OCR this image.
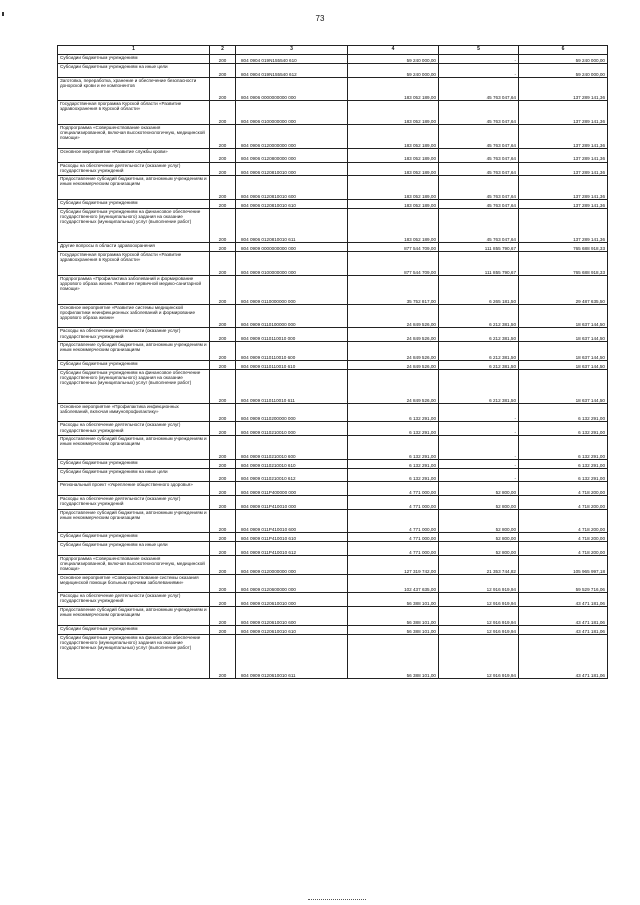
73
1	2	3	4	5	6
Субсидии бюджетным учреждениям	200	804 0904 019N155540 610	59 240 000,00	-	59 240 000,00
Субсидии бюджетным учреждениям на иные цели	200	804 0904 019N155540 612	59 240 000,00	-	59 240 000,00
Заготовка, переработка, хранение и обеспечение безопасности донорской крови и ее компонентов	200	804 0906 0000000000 000	183 052 189,00	45 763 047,64	137 289 141,36
Государственная программа Курской области «Развитие здравоохранения в Курской области»	200	804 0906 0100000000 000	183 052 189,00	45 763 047,64	137 289 141,36
Подпрограмма «Совершенствование оказания специализированной, включая высокотехнологичную, медицинской помощи»	200	804 0906 0120000000 000	183 052 189,00	45 763 047,64	137 289 141,36
Основное мероприятие «Развитие службы крови»	200	804 0906 0120800000 000	183 052 189,00	45 763 047,64	137 289 141,36
Расходы на обеспечение деятельности (оказание услуг) государственных учреждений	200	804 0906 0120810010 000	183 052 189,00	45 763 047,64	137 289 141,36
Предоставление субсидий бюджетным, автономным учреждениям и иным некоммерческим организациям	200	804 0906 0120810010 600	183 052 189,00	45 763 047,64	137 289 141,36
Субсидии бюджетным учреждениям	200	804 0906 0120810010 610	183 052 189,00	45 763 047,64	137 289 141,36
Субсидии бюджетным учреждениям на финансовое обеспечение государственного (муниципального) задания на оказание государственных (муниципальных) услуг (выполнение работ)	200	804 0906 0120810010 611	183 052 189,00	45 763 047,64	137 289 141,36
Другие вопросы в области здравоохранения	200	804 0909 0000000000 000	877 544 709,00	111 855 790,67	765 688 918,33
Государственная программа Курской области «Развитие здравоохранения в Курской области»	200	804 0909 0100000000 000	877 544 709,00	111 855 790,67	765 688 918,33
Подпрограмма «Профилактика заболеваний и формирование здорового образа жизни. Развитие первичной медико-санитарной помощи»	200	804 0909 0110000000 000	35 752 817,00	6 265 181,50	29 487 635,50
Основное мероприятие «Развитие системы медицинской профилактики неинфекционных заболеваний и формирование здорового образа жизни»	200	804 0909 0110100000 000	24 849 526,00	6 212 381,50	18 637 144,50
Расходы на обеспечение деятельности (оказание услуг) государственных учреждений	200	804 0909 0110110010 000	24 849 526,00	6 212 381,50	18 637 144,50
Предоставление субсидий бюджетным, автономным учреждениям и иным некоммерческим организациям	200	804 0909 0110110010 600	24 849 526,00	6 212 381,50	18 637 144,50
Субсидии бюджетным учреждениям	200	804 0909 0110110010 610	24 849 526,00	6 212 381,50	18 637 144,50
Субсидии бюджетным учреждениям на финансовое обеспечение государственного (муниципального) задания на оказание государственных (муниципальных) услуг (выполнение работ)	200	804 0909 0110110010 611	24 849 526,00	6 212 381,50	18 637 144,50
Основное мероприятие «Профилактика инфекционных заболеваний, включая иммунопрофилактику»	200	804 0909 0110200000 000	6 132 291,00	-	6 132 291,00
Расходы на обеспечение деятельности (оказание услуг) государственных учреждений	200	804 0909 0110210010 000	6 132 291,00	-	6 132 291,00
Предоставление субсидий бюджетным, автономным учреждениям и иным некоммерческим организациям	200	804 0909 0110210010 600	6 132 291,00	-	6 132 291,00
Субсидии бюджетным учреждениям	200	804 0909 0110210010 610	6 132 291,00	-	6 132 291,00
Субсидии бюджетным учреждениям на иные цели	200	804 0909 0110210010 612	6 132 291,00	-	6 132 291,00
Региональный проект «Укрепление общественного здоровья»	200	804 0909 011P400000 000	4 771 000,00	52 800,00	4 718 200,00
Расходы на обеспечение деятельности (оказание услуг) государственных учреждений	200	804 0909 011P410010 000	4 771 000,00	52 800,00	4 718 200,00
Предоставление субсидий бюджетным, автономным учреждениям и иным некоммерческим организациям	200	804 0909 011P410010 600	4 771 000,00	52 800,00	4 718 200,00
Субсидии бюджетным учреждениям	200	804 0909 011P410010 610	4 771 000,00	52 800,00	4 718 200,00
Субсидии бюджетным учреждениям на иные цели	200	804 0909 011P410010 612	4 771 000,00	52 800,00	4 718 200,00
Подпрограмма «Совершенствование оказания специализированной, включая высокотехнологичную, медицинской помощи»	200	804 0909 0120000000 000	127 319 742,00	21 353 744,82	105 965 997,18
Основное мероприятие «Совершенствование системы оказания медицинской помощи больным прочими заболеваниями»	200	804 0909 0120600000 000	102 437 635,00	12 916 919,94	59 529 716,06
Расходы на обеспечение деятельности (оказание услуг) государственных учреждений	200	804 0909 0120610010 000	56 388 101,00	12 916 919,94	43 471 181,06
Предоставление субсидий бюджетным, автономным учреждениям и иным некоммерческим организациям	200	804 0909 0120610010 600	56 388 101,00	12 916 919,94	43 471 181,06
Субсидии бюджетным учреждениям	200	804 0909 0120610010 610	56 388 101,00	12 916 919,94	43 471 181,06
Субсидии бюджетным учреждениям на финансовое обеспечение государственного (муниципального) задания на оказание государственных (муниципальных) услуг (выполнение работ)	200	804 0909 0120610010 611	56 388 101,00	12 916 919,94	43 471 181,06
